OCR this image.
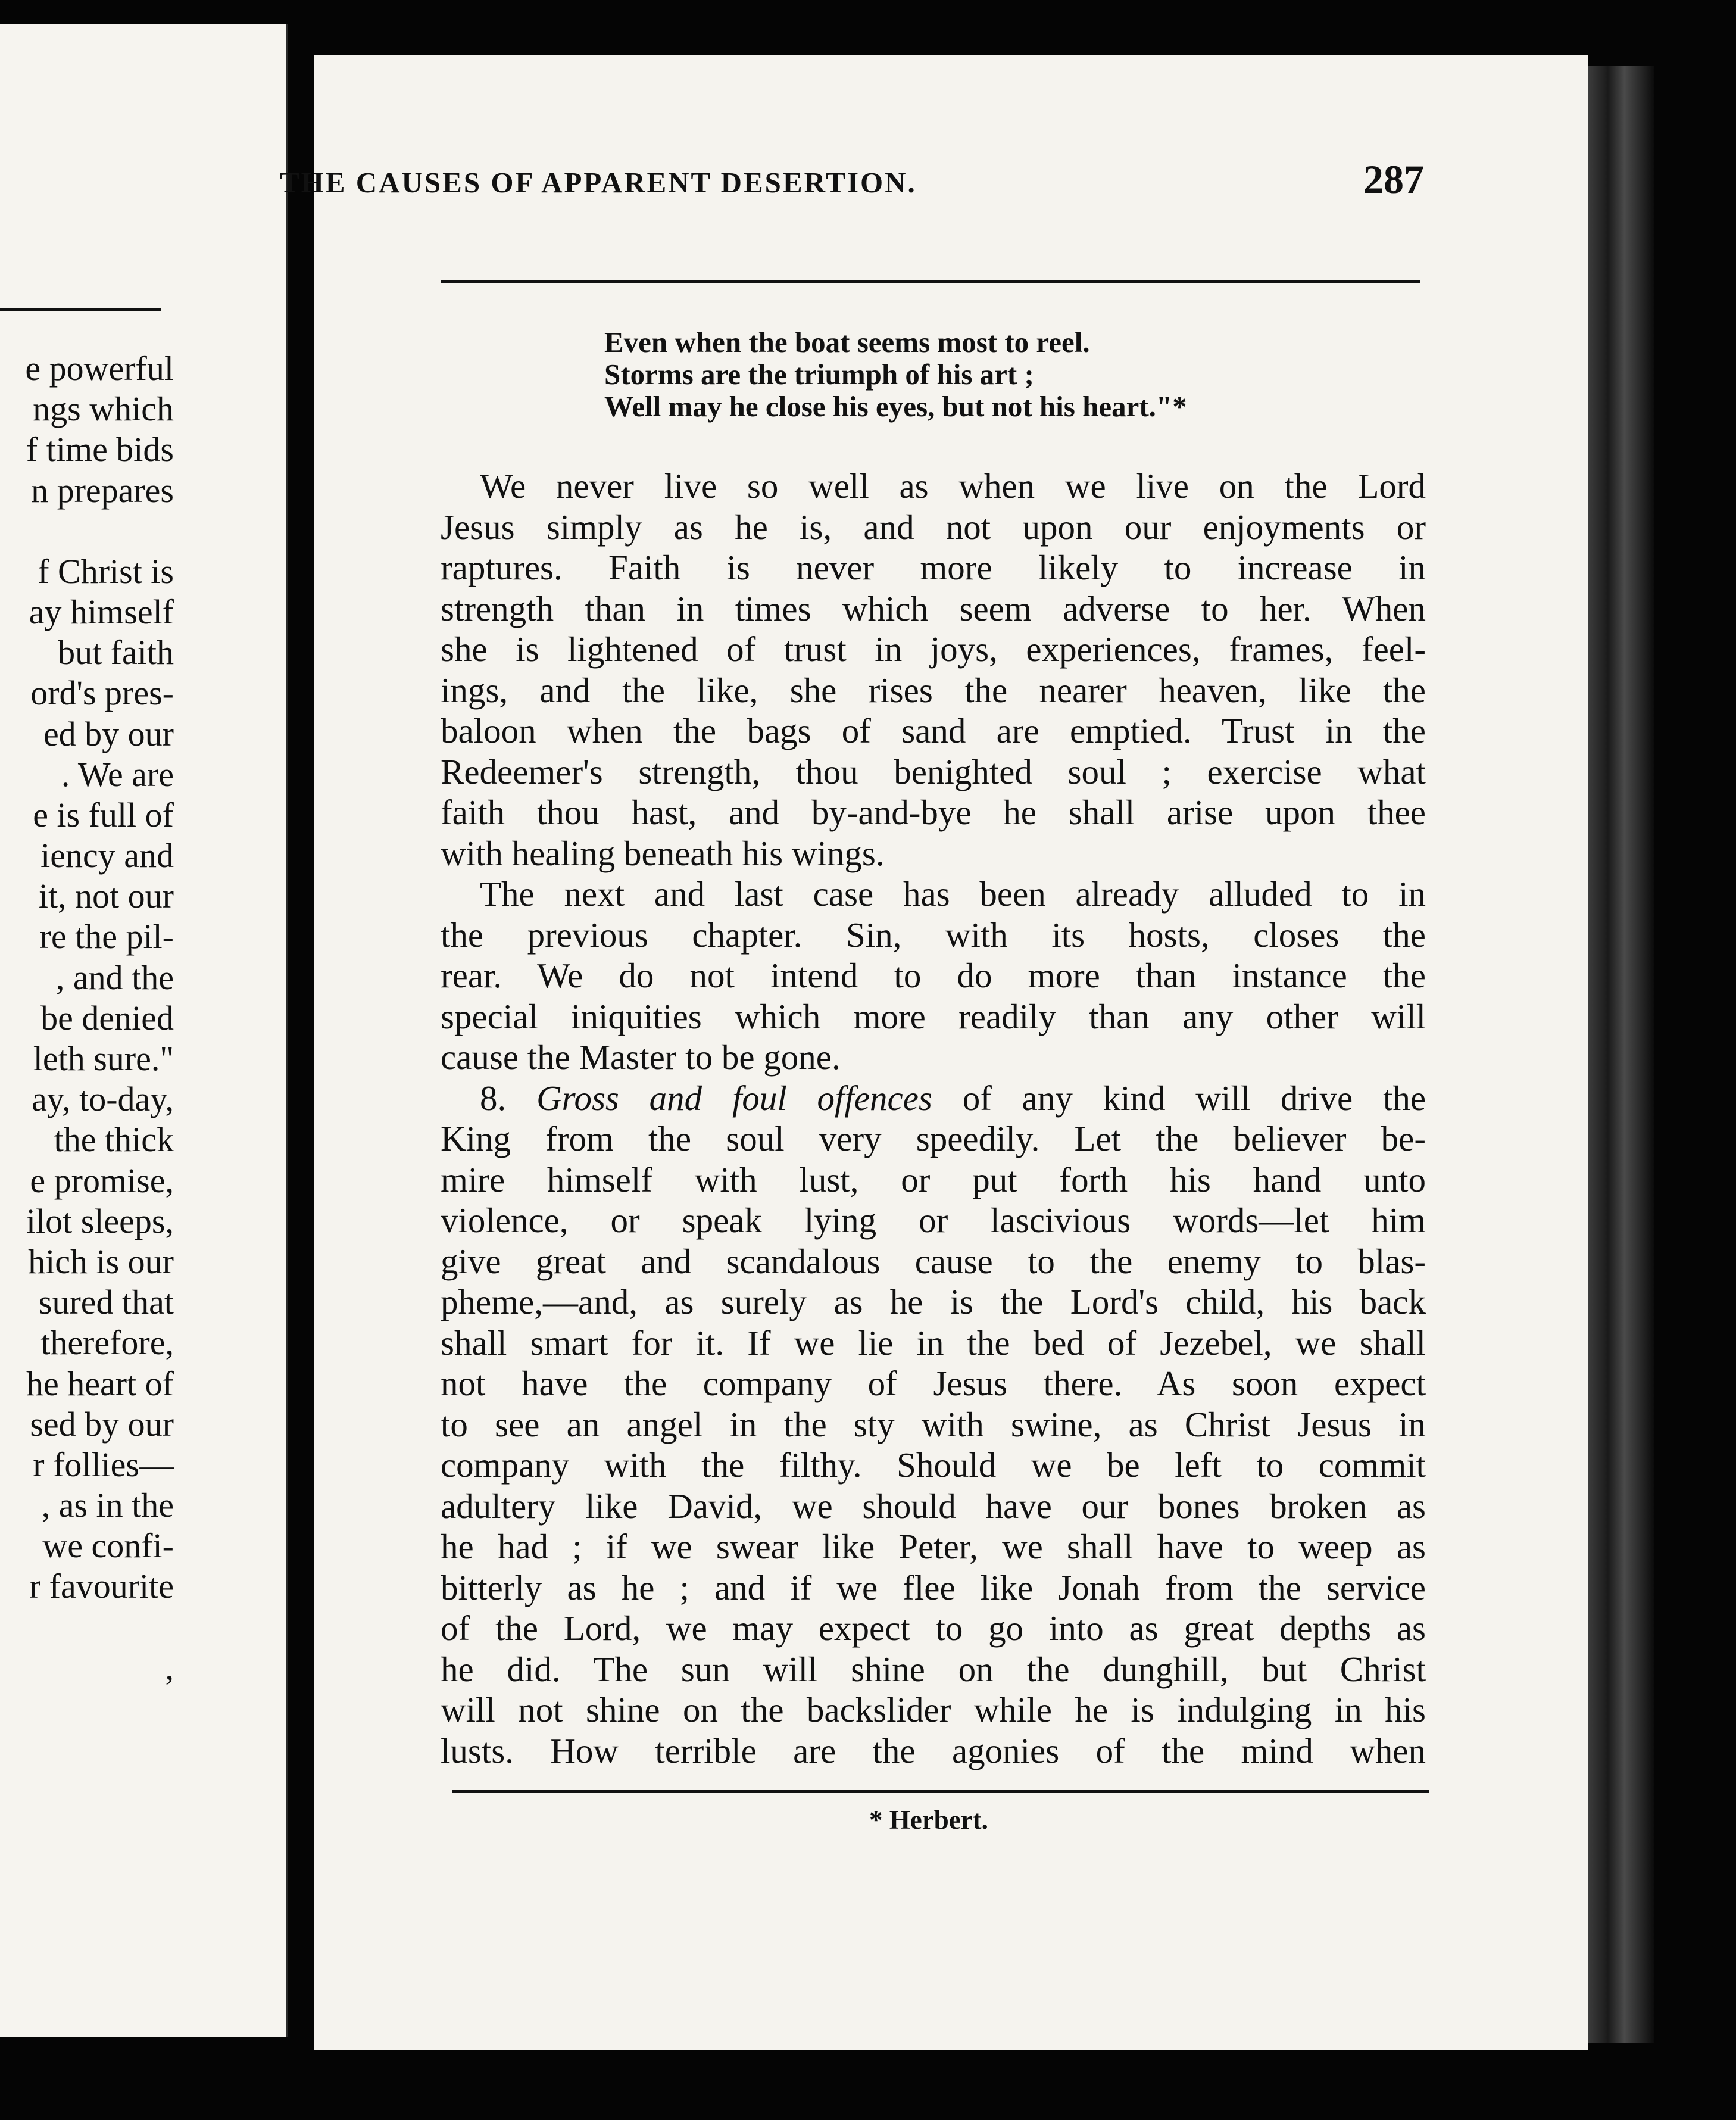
e powerful
ngs which
f time bids
n prepares
f Christ is
ay himself
but faith
ord's pres-
ed by our
. We are
e is full of
iency and
it, not our
re the pil-
, and the
be denied
leth sure."
ay, to-day,
the thick
e promise,
ilot sleeps,
hich is our
sured that
therefore,
he heart of
sed by our
r follies—
, as in the
we confi-
r favourite
,
THE CAUSES OF APPARENT DESERTION.	287
Even when the boat seems most to reel.
Storms are the triumph of his art ;
Well may he close his eyes, but not his heart."*
We never live so well as when we live on the Lord
Jesus simply as he is, and not upon our enjoyments or
raptures. Faith is never more likely to increase in
strength than in times which seem adverse to her. When
she is lightened of trust in joys, experiences, frames, feel-
ings, and the like, she rises the nearer heaven, like the
baloon when the bags of sand are emptied. Trust in the
Redeemer's strength, thou benighted soul ; exercise what
faith thou hast, and by-and-bye he shall arise upon thee
with healing beneath his wings.
The next and last case has been already alluded to in
the previous chapter. Sin, with its hosts, closes the
rear. We do not intend to do more than instance the
special iniquities which more readily than any other will
cause the Master to be gone.
8. Gross and foul offences of any kind will drive the
King from the soul very speedily. Let the believer be-
mire himself with lust, or put forth his hand unto
violence, or speak lying or lascivious words—let him
give great and scandalous cause to the enemy to blas-
pheme,—and, as surely as he is the Lord's child, his back
shall smart for it. If we lie in the bed of Jezebel, we shall
not have the company of Jesus there. As soon expect
to see an angel in the sty with swine, as Christ Jesus in
company with the filthy. Should we be left to commit
adultery like David, we should have our bones broken as
he had ; if we swear like Peter, we shall have to weep as
bitterly as he ; and if we flee like Jonah from the service
of the Lord, we may expect to go into as great depths as
he did. The sun will shine on the dunghill, but Christ
will not shine on the backslider while he is indulging in his
lusts. How terrible are the agonies of the mind when
* Herbert.
